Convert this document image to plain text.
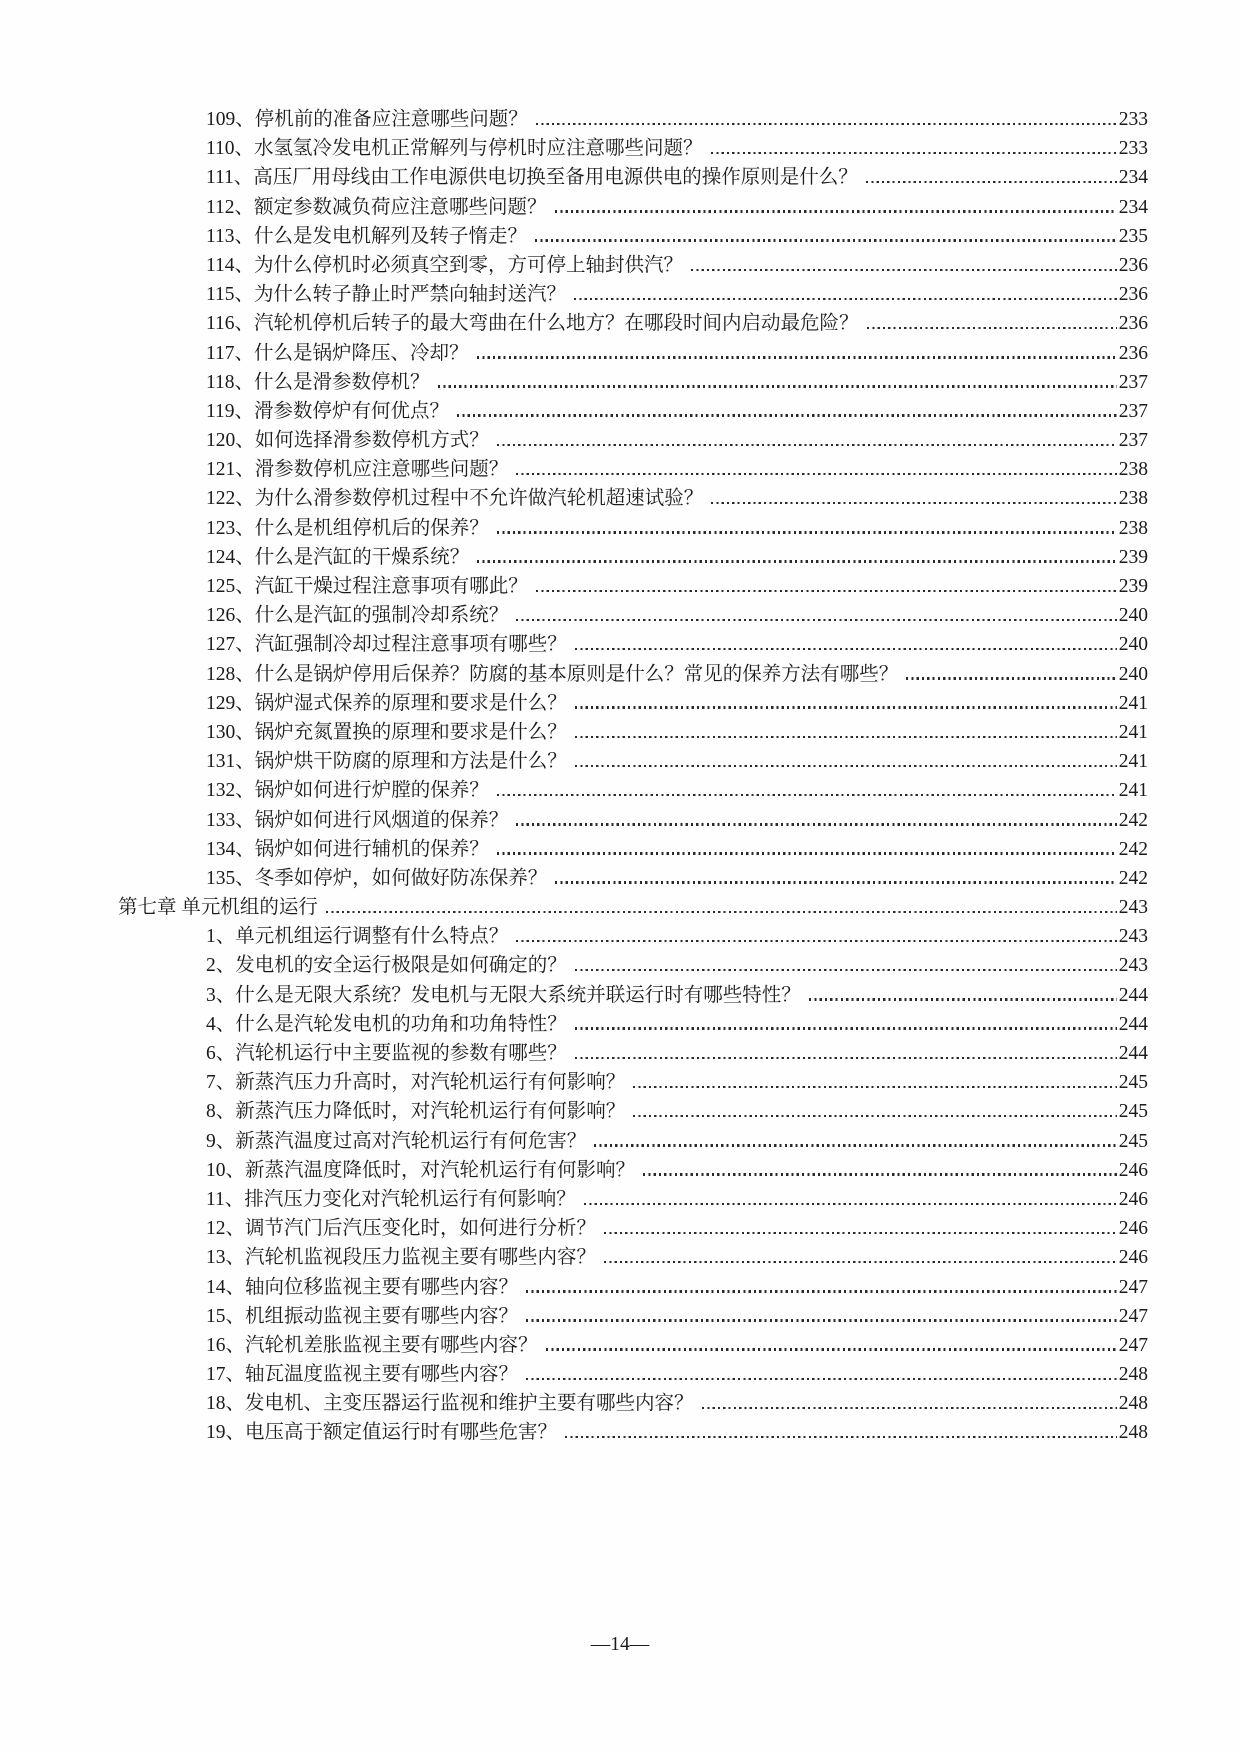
109、停机前的准备应注意哪些问题？	233
110、水氢氢冷发电机正常解列与停机时应注意哪些问题？	233
111、高压厂用母线由工作电源供电切换至备用电源供电的操作原则是什么？	234
112、额定参数减负荷应注意哪些问题？	234
113、什么是发电机解列及转子惰走？	235
114、为什么停机时必须真空到零，方可停上轴封供汽？	236
115、为什么转子静止时严禁向轴封送汽？	236
116、汽轮机停机后转子的最大弯曲在什么地方？在哪段时间内启动最危险？	236
117、什么是锅炉降压、冷却？	236
118、什么是滑参数停机？	237
119、滑参数停炉有何优点？	237
120、如何选择滑参数停机方式？	237
121、滑参数停机应注意哪些问题？	238
122、为什么滑参数停机过程中不允许做汽轮机超速试验？	238
123、什么是机组停机后的保养？	238
124、什么是汽缸的干燥系统？	239
125、汽缸干燥过程注意事项有哪此？	239
126、什么是汽缸的强制冷却系统？	240
127、汽缸强制冷却过程注意事项有哪些？	240
128、什么是锅炉停用后保养？防腐的基本原则是什么？常见的保养方法有哪些？	240
129、锅炉湿式保养的原理和要求是什么？	241
130、锅炉充氮置换的原理和要求是什么？	241
131、锅炉烘干防腐的原理和方法是什么？	241
132、锅炉如何进行炉膛的保养？	241
133、锅炉如何进行风烟道的保养？	242
134、锅炉如何进行辅机的保养？	242
135、冬季如停炉，如何做好防冻保养？	242
第七章 单元机组的运行	243
1、单元机组运行调整有什么特点？	243
2、发电机的安全运行极限是如何确定的？	243
3、什么是无限大系统？发电机与无限大系统并联运行时有哪些特性？	244
4、什么是汽轮发电机的功角和功角特性？	244
6、汽轮机运行中主要监视的参数有哪些？	244
7、新蒸汽压力升高时，对汽轮机运行有何影响？	245
8、新蒸汽压力降低时，对汽轮机运行有何影响？	245
9、新蒸汽温度过高对汽轮机运行有何危害？	245
10、新蒸汽温度降低时，对汽轮机运行有何影响？	246
11、排汽压力变化对汽轮机运行有何影响？	246
12、调节汽门后汽压变化时，如何进行分析？	246
13、汽轮机监视段压力监视主要有哪些内容？	246
14、轴向位移监视主要有哪些内容？	247
15、机组振动监视主要有哪些内容？	247
16、汽轮机差胀监视主要有哪些内容？	247
17、轴瓦温度监视主要有哪些内容？	248
18、发电机、主变压器运行监视和维护主要有哪些内容？	248
19、电压高于额定值运行时有哪些危害？	248
—14—
